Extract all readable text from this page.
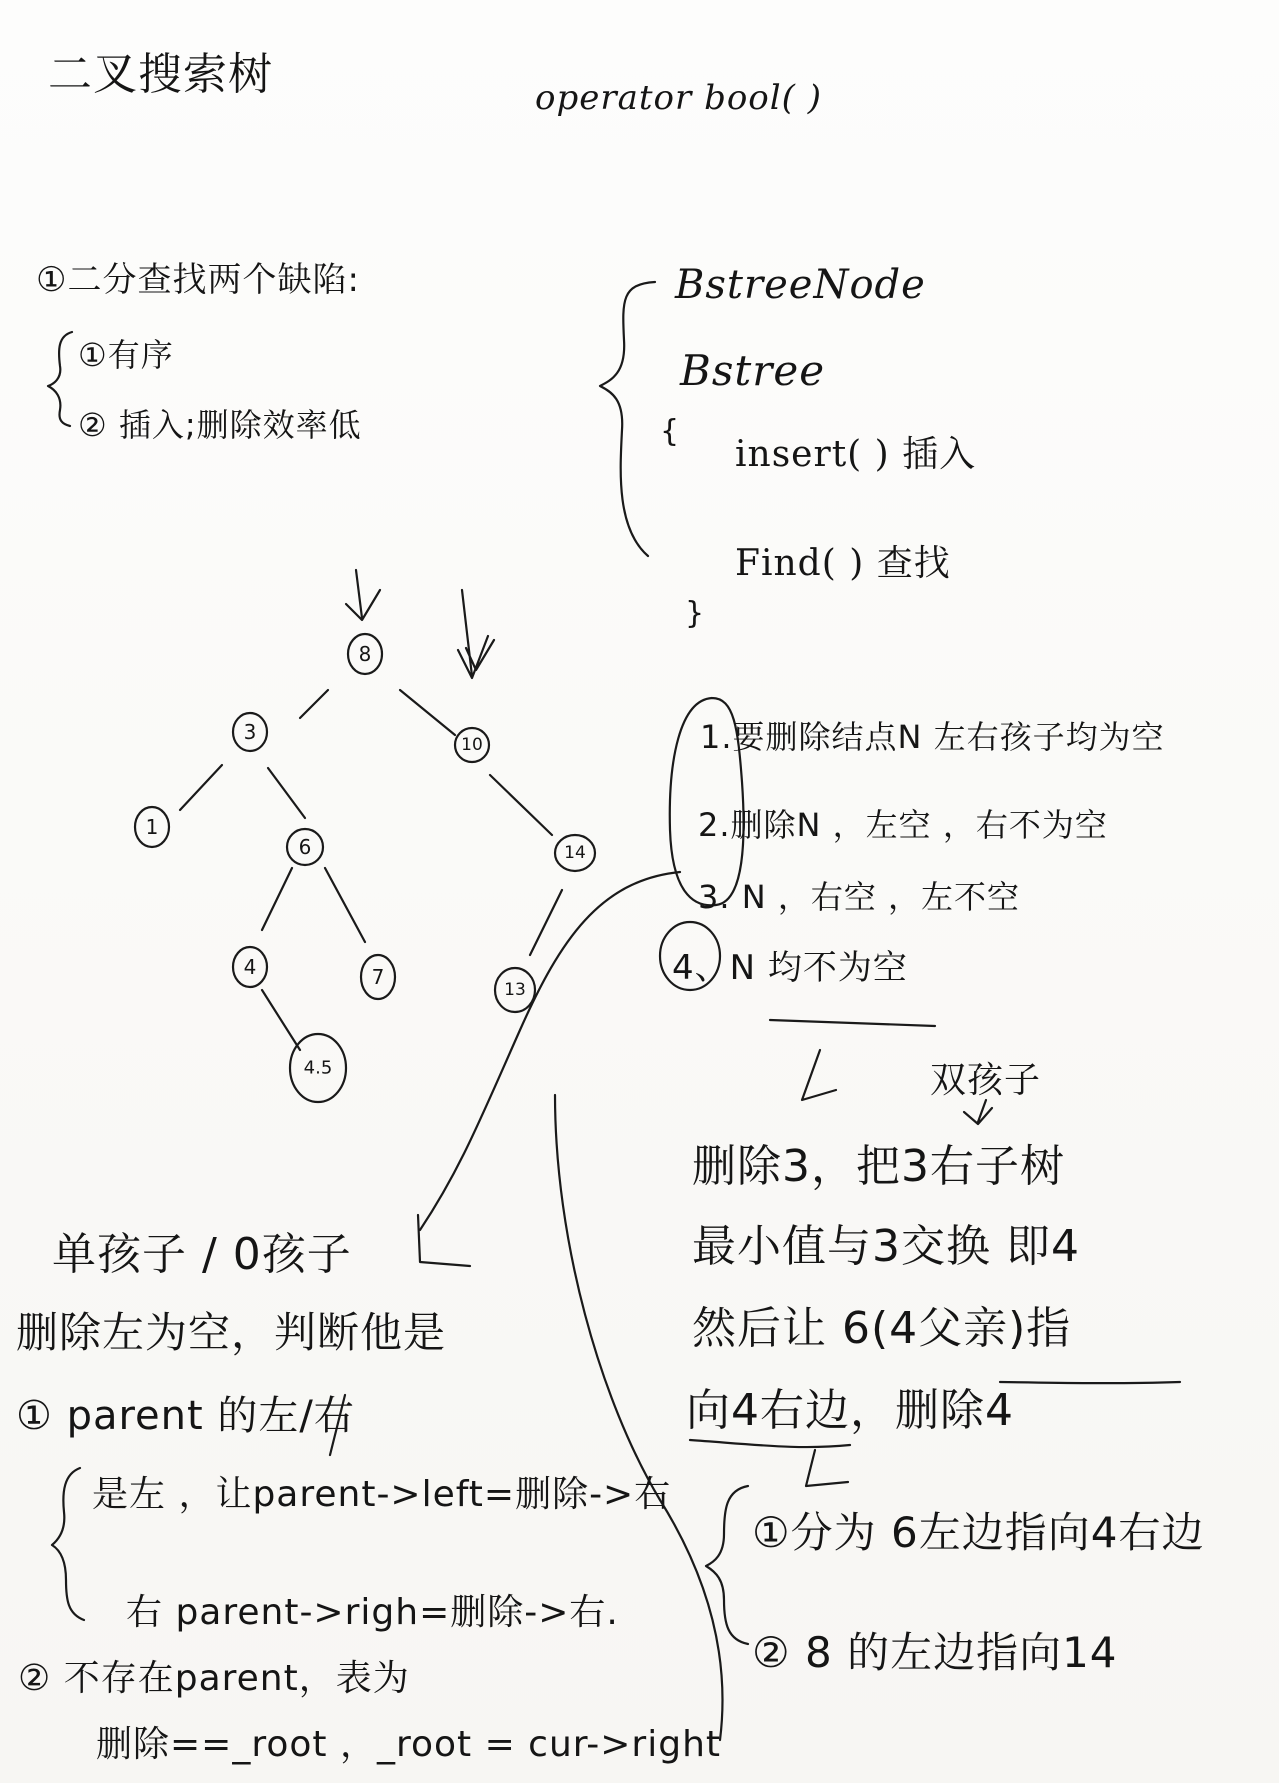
8
3
10
1
6	14
4	7
13
4.5
二叉搜索树	operator bool( )
①二分查找两个缺陷:
①有序
② 插入;删除效率低
BstreeNode
Bstree
{
insert( ) 插入
Find( ) 查找
}
1.要删除结点N 左右孩子均为空
2.删除N ，左空 ，右不为空
3. N ，右空 ，左不空
4、N 均不为空
双孩子
删除3，把3右子树
最小值与3交换 即4
然后让 6(4父亲)指
向4右边，删除4
①分为 6左边指向4右边
② 8 的左边指向14
单孩子 / 0孩子
删除左为空，判断他是
① parent 的左/右
是左 ，让parent->left=删除->右
右 parent->righ=删除->右.
② 不存在parent，表为
删除==_root ，_root = cur->right
